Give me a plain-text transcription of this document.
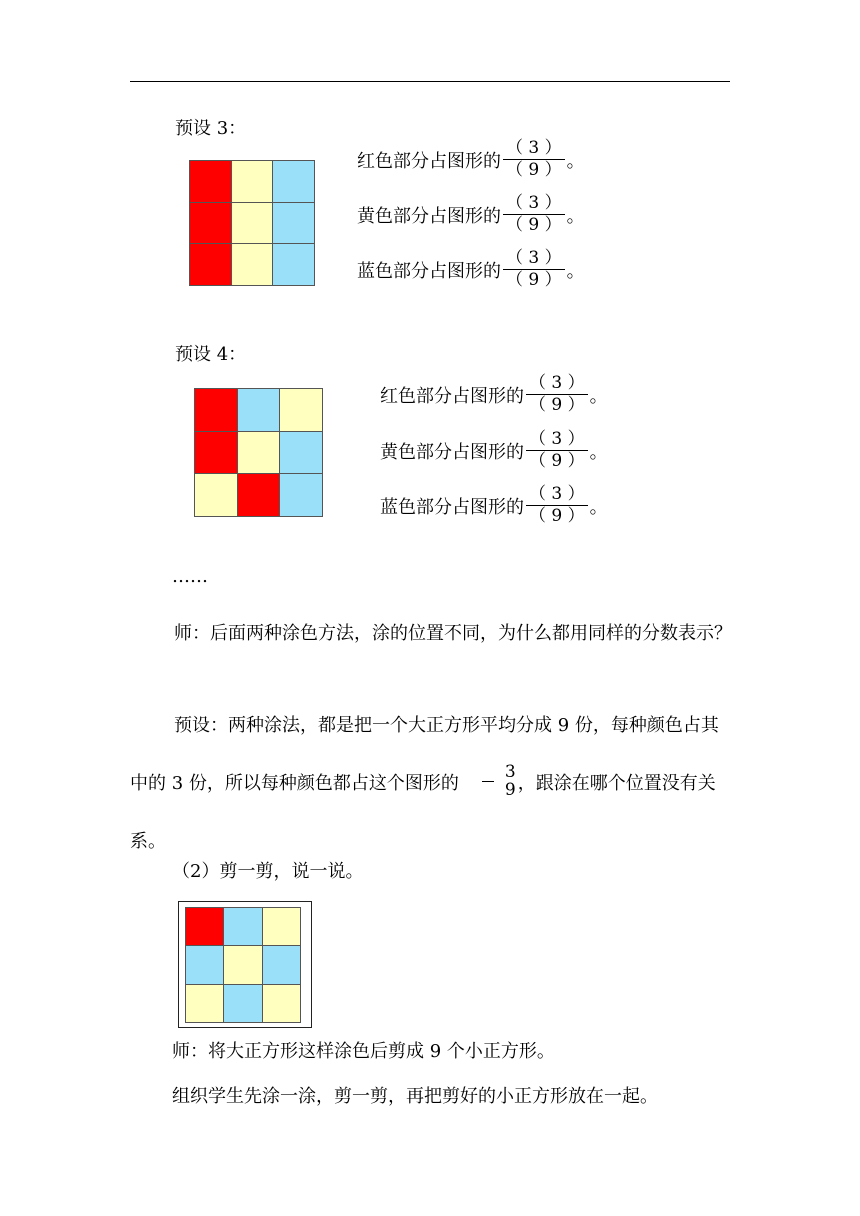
预设 3：
红色部分占图形的 $\frac{( 3 )}{( 9 )}$ 。
黄色部分占图形的 $\frac{( 3 )}{( 9 )}$ 。
蓝色部分占图形的 $\frac{( 3 )}{( 9 )}$ 。
预设 4：
红色部分占图形的 $\frac{( 3 )}{( 9 )}$ 。
黄色部分占图形的 $\frac{( 3 )}{( 9 )}$ 。
蓝色部分占图形的 $\frac{( 3 )}{( 9 )}$ 。
……
师：后面两种涂色方法，涂的位置不同，为什么都用同样的分数表示？
预设：两种涂法，都是把一个大正方形平均分成 9 份，每种颜色占其中的 3 份，所以每种颜色都占这个图形的 $\frac{3}{9}$ ，跟涂在哪个位置没有关系。
（2）剪一剪，说一说。
师：将大正方形这样涂色后剪成 9 个小正方形。
组织学生先涂一涂，剪一剪，再把剪好的小正方形放在一起。
